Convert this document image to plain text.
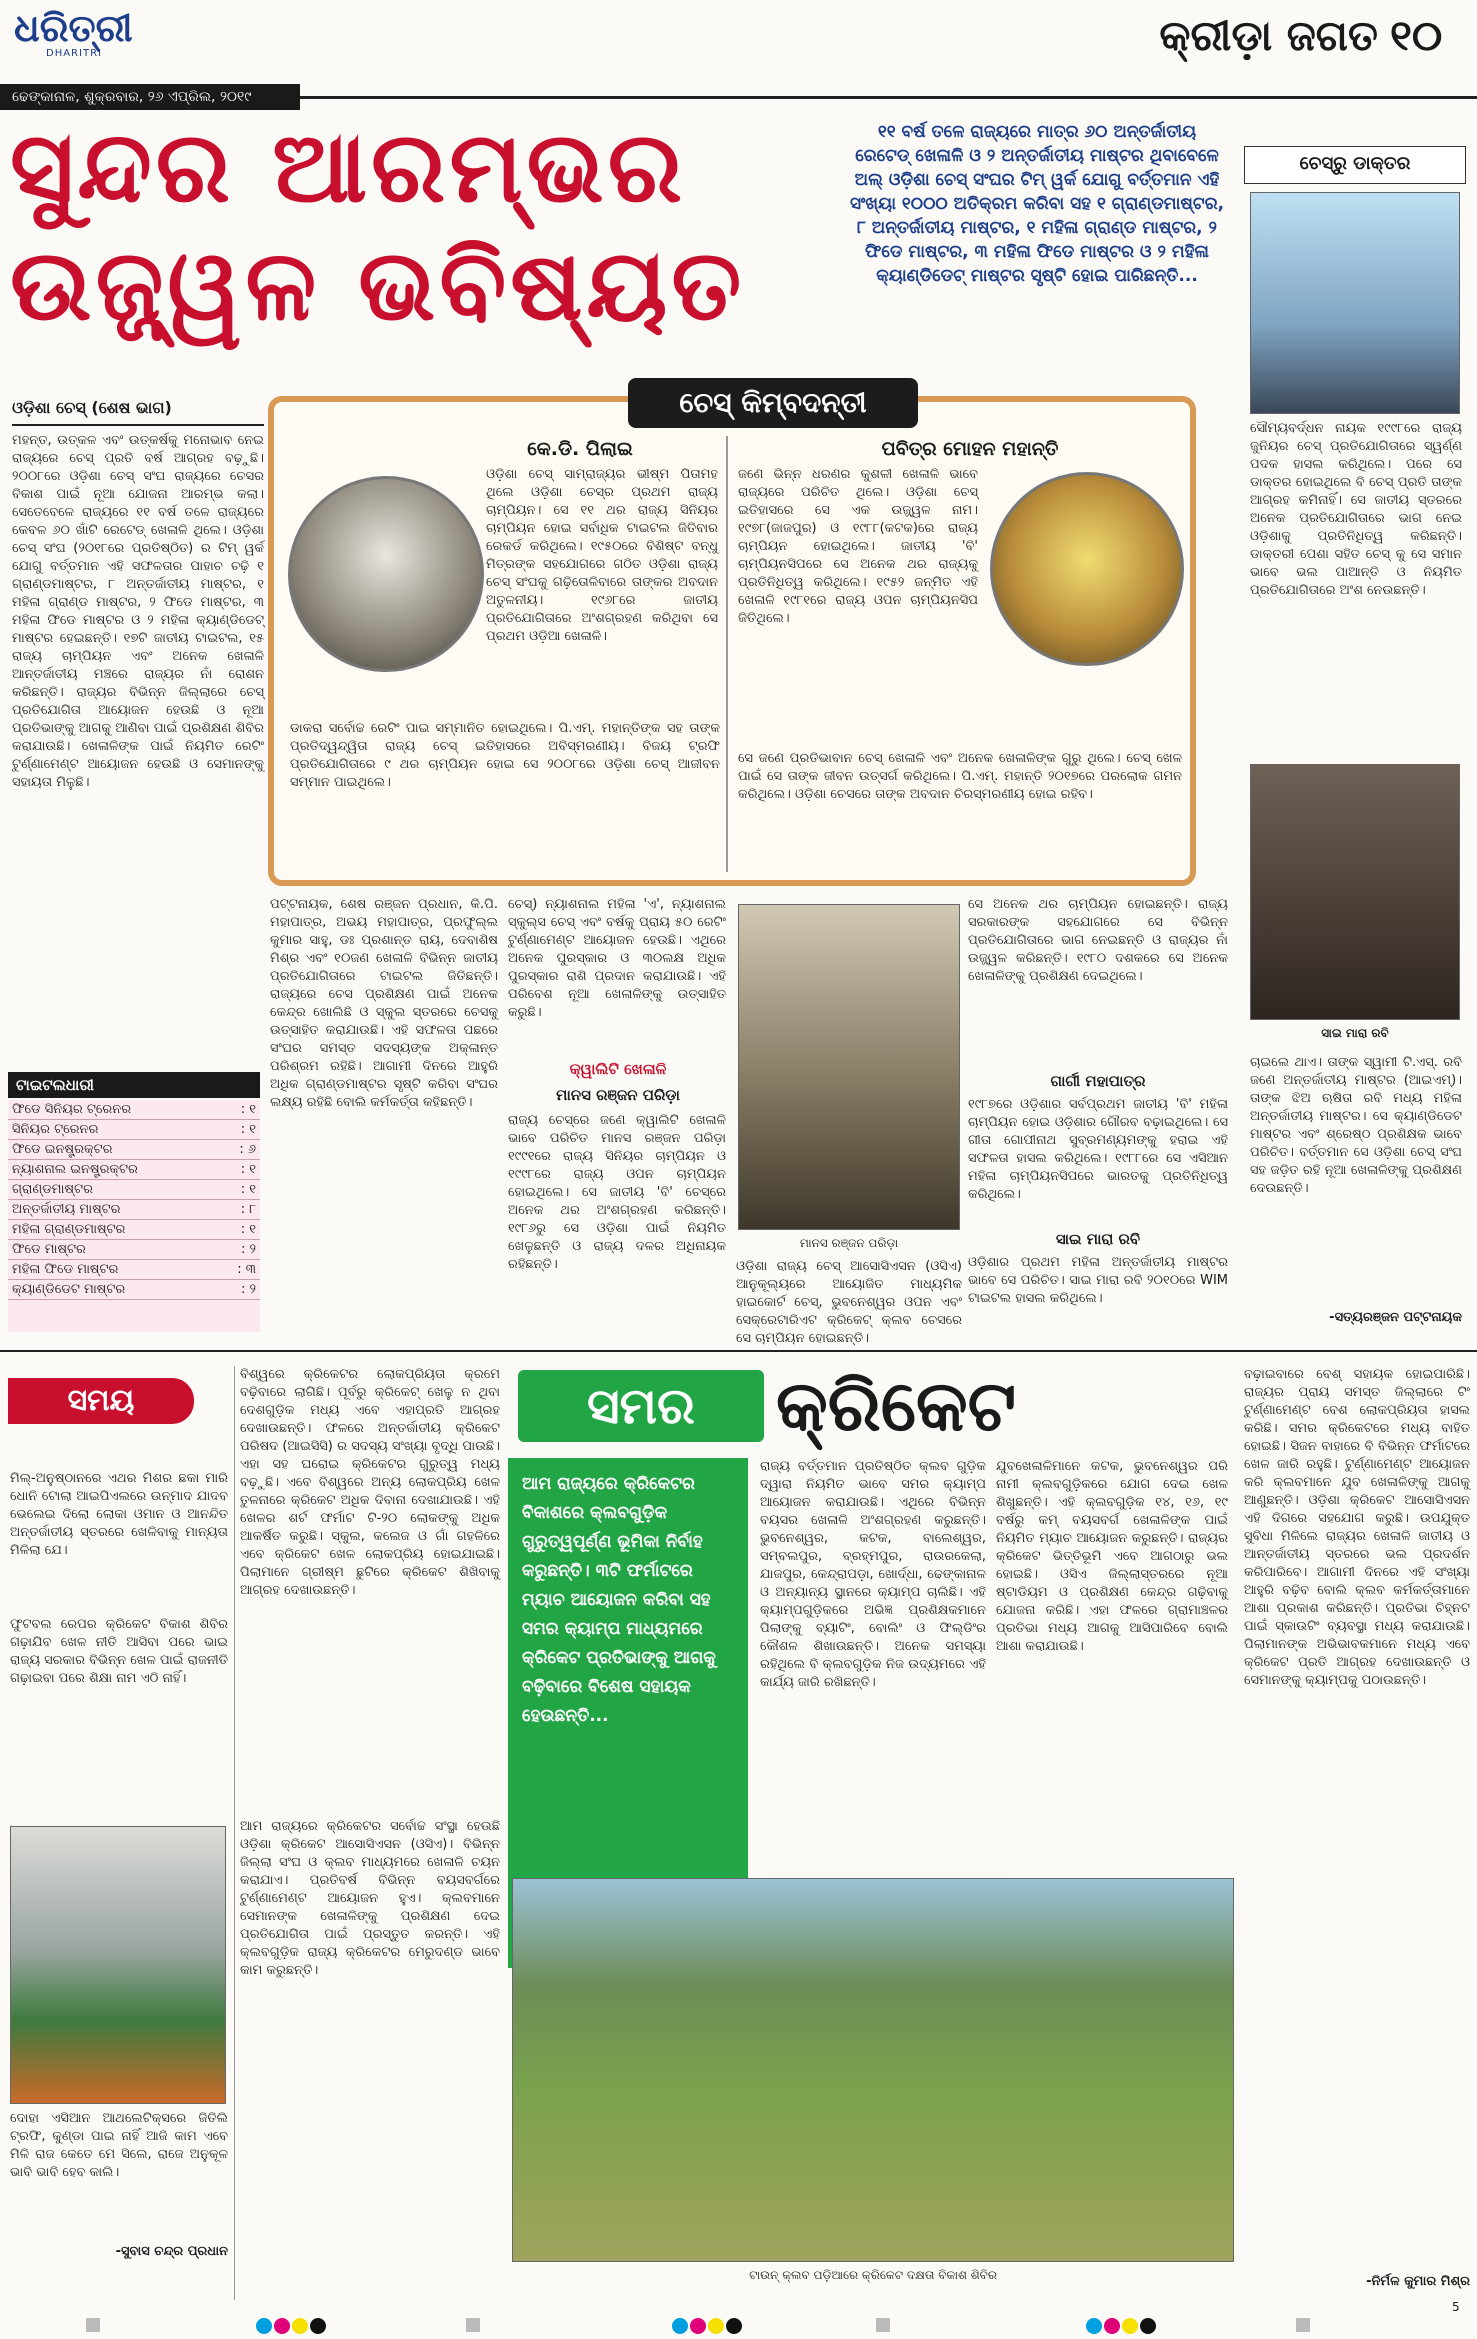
ଧରିତ୍ରୀ
DHARITRI	କ୍ରୀଡ଼ା ଜଗତ ୧୦
ଢେଙ୍କାନାଳ, ଶୁକ୍ରବାର, ୨୬ ଏପ୍ରିଲ, ୨୦୧୯
ସୁନ୍ଦର ଆରମ୍ଭର
ଉଜ୍ଜ୍ୱଳ ଭବିଷ୍ୟତ
୧୧ ବର୍ଷ ତଳେ ରାଜ୍ୟରେ ମାତ୍ର ୬୦ ଅନ୍ତର୍ଜାତୀୟ ରେଟେଡ୍ ଖେଳାଳି ଓ ୨ ଅନ୍ତର୍ଜାତୀୟ ମାଷ୍ଟର ଥିବାବେଳେ ଅଲ୍ ଓଡ଼ିଶା ଚେସ୍ ସଂଘର ଟିମ୍ ୱର୍କ ଯୋଗୁ ବର୍ତ୍ତମାନ ଏହି ସଂଖ୍ୟା ୧୦୦୦ ଅତିକ୍ରମ କରିବା ସହ ୧ ଗ୍ରାଣ୍ଡମାଷ୍ଟର, ୮ ଅନ୍ତର୍ଜାତୀୟ ମାଷ୍ଟର, ୧ ମହିଳା ଗ୍ରାଣ୍ଡ ମାଷ୍ଟର, ୨ ଫିଡେ ମାଷ୍ଟର, ୩ ମହିଳା ଫିଡେ ମାଷ୍ଟର ଓ ୨ ମହିଳା କ୍ୟାଣ୍ଡିଡେଟ୍ ମାଷ୍ଟର ସୃଷ୍ଟି ହୋଇ ପାରିଛନ୍ତି...
ଚେସ୍ରୁ ଡାକ୍ତର
ସୌମ୍ୟବର୍ଦ୍ଧନ ନାୟକ ୧୯୯୮ରେ ରାଜ୍ୟ ଜୁନିୟର ଚେସ୍ ପ୍ରତିଯୋଗିତାରେ ସ୍ୱର୍ଣ୍ଣ ପଦକ ହାସଲ କରିଥିଲେ। ପରେ ସେ ଡାକ୍ତର ହୋଇଥିଲେ ବି ଚେସ୍ ପ୍ରତି ତାଙ୍କ ଆଗ୍ରହ କମିନାହିଁ। ସେ ଜାତୀୟ ସ୍ତରରେ ଅନେକ ପ୍ରତିଯୋଗିତାରେ ଭାଗ ନେଇ ଓଡ଼ିଶାକୁ ପ୍ରତିନିଧିତ୍ୱ କରିଛନ୍ତି। ଡାକ୍ତରୀ ପେଶା ସହିତ ଚେସ୍ କୁ ସେ ସମାନ ଭାବେ ଭଲ ପାଆନ୍ତି ଓ ନିୟମିତ ପ୍ରତିଯୋଗିତାରେ ଅଂଶ ନେଉଛନ୍ତି।
ଓଡ଼ିଶା ଚେସ୍ (ଶେଷ ଭାଗ)
ମହନ୍ତ, ଉତ୍କଳ ଏବଂ ଉତ୍କର୍ଷକୁ ମନୋଭାବ ନେଇ ରାଜ୍ୟରେ ଚେସ୍ ପ୍ରତି ବର୍ଷ ଆଗ୍ରହ ବଢ଼ୁଛି। ୨୦୦୮ରେ ଓଡ଼ିଶା ଚେସ୍ ସଂଘ ରାଜ୍ୟରେ ଚେସର ବିକାଶ ପାଇଁ ନୂଆ ଯୋଜନା ଆରମ୍ଭ କଲା। ସେତେବେଳେ ରାଜ୍ୟରେ ୧୧ ବର୍ଷ ତଳେ ରାଜ୍ୟରେ କେବଳ ୬୦ ଖାଁଟି ରେଟେଡ୍ ଖେଳାଳି ଥିଲେ। ଓଡ଼ିଶା ଚେସ୍ ସଂଘ (୨୦୧୮ରେ ପ୍ରତିଷ୍ଠିତ) ର ଟିମ୍ ୱର୍କ ଯୋଗୁ ବର୍ତ୍ତମାନ ଏହି ସଫଳତାର ପାହାଚ ଚଢ଼ି ୧ ଗ୍ରାଣ୍ଡମାଷ୍ଟର, ୮ ଅନ୍ତର୍ଜାତୀୟ ମାଷ୍ଟର, ୧ ମହିଳା ଗ୍ରାଣ୍ଡ ମାଷ୍ଟର, ୨ ଫିଡେ ମାଷ୍ଟର, ୩ ମହିଳା ଫିଡେ ମାଷ୍ଟର ଓ ୨ ମହିଳା କ୍ୟାଣ୍ଡିଡେଟ୍ ମାଷ୍ଟର ହେଇଛନ୍ତି। ୧୭ଟି ଜାତୀୟ ଟାଇଟଲ, ୧୫ ରାଜ୍ୟ ଚାମ୍ପିୟନ ଏବଂ ଅନେକ ଖେଳାଳି ଆନ୍ତର୍ଜାତୀୟ ମଞ୍ଚରେ ରାଜ୍ୟର ନାଁ ରୋଶନ କରିଛନ୍ତି। ରାଜ୍ୟର ବିଭିନ୍ନ ଜିଲ୍ଲାରେ ଚେସ୍ ପ୍ରତିଯୋଗିତା ଆୟୋଜନ ହେଉଛି ଓ ନୂଆ ପ୍ରତିଭାଙ୍କୁ ଆଗକୁ ଆଣିବା ପାଇଁ ପ୍ରଶିକ୍ଷଣ ଶିବିର କରାଯାଉଛି। ଖେଳାଳିଙ୍କ ପାଇଁ ନିୟମିତ ରେଟିଂ ଟୁର୍ଣ୍ଣାମେଣ୍ଟ ଆୟୋଜନ ହେଉଛି ଓ ସେମାନଙ୍କୁ ସହାୟତା ମିଳୁଛି।
ଚେସ୍ କିମ୍ବଦନ୍ତୀ
କେ.ଡି. ପିଲାଇ
ଓଡ଼ିଶା ଚେସ୍ ସାମ୍ରାଜ୍ୟର ଭୀଷ୍ମ ପିତାମହ ଥିଲେ ଓଡ଼ିଶା ଚେସ୍ର ପ୍ରଥମ ରାଜ୍ୟ ଚାମ୍ପିୟନ। ସେ ୧୧ ଥର ରାଜ୍ୟ ସିନିୟର ଚାମ୍ପିୟନ ହୋଇ ସର୍ବାଧିକ ଟାଇଟଲ ଜିତିବାର ରେକର୍ଡ କରିଥିଲେ। ୧୯୫୦ରେ ବିଶିଷ୍ଟ ବନ୍ଧୁ ମିତ୍ରଙ୍କ ସହଯୋଗରେ ଗଠିତ ଓଡ଼ିଶା ରାଜ୍ୟ ଚେସ୍ ସଂଘକୁ ଗଢ଼ିତୋଳିବାରେ ତାଙ୍କର ଅବଦାନ ଅତୁଳନୀୟ। ୧୯୬୮ରେ ଜାତୀୟ ପ୍ରତିଯୋଗିତାରେ ଅଂଶଗ୍ରହଣ କରିଥିବା ସେ ପ୍ରଥମ ଓଡ଼ିଆ ଖେଳାଳି।
ଡାକରା ସର୍ବୋଚ୍ଚ ରେଟିଂ ପାଇ ସମ୍ମାନିତ ହୋଇଥିଲେ। ପି.ଏମ୍. ମହାନ୍ତିଙ୍କ ସହ ତାଙ୍କ ପ୍ରତିଦ୍ୱନ୍ଦ୍ୱିତା ରାଜ୍ୟ ଚେସ୍ ଇତିହାସରେ ଅବିସ୍ମରଣୀୟ। ବିଜୟ ଟ୍ରଫି ପ୍ରତିଯୋଗିତାରେ ୯ ଥର ଚାମ୍ପିୟନ ହୋଇ ସେ ୨୦୦୮ରେ ଓଡ଼ିଶା ଚେସ୍ ଆଜୀବନ ସମ୍ମାନ ପାଇଥିଲେ।
ପବିତ୍ର ମୋହନ ମହାନ୍ତି
ଜଣେ ଭିନ୍ନ ଧରଣର କୁଶଳୀ ଖେଳାଳି ଭାବେ ରାଜ୍ୟରେ ପରିଚିତ ଥିଲେ। ଓଡ଼ିଶା ଚେସ୍ ଇତିହାସରେ ସେ ଏକ ଉଜ୍ଜ୍ୱଳ ନାମ। ୧୯୭୮(ଜାଜପୁର) ଓ ୧୯୮୮(କଟକ)ରେ ରାଜ୍ୟ ଚାମ୍ପିୟନ ହୋଇଥିଲେ। ଜାତୀୟ 'ବି' ଚାମ୍ପିୟନସିପରେ ସେ ଅନେକ ଥର ରାଜ୍ୟକୁ ପ୍ରତିନିଧିତ୍ୱ କରିଥିଲେ। ୧୯୫୨ ଜନ୍ମିତ ଏହି ଖେଳାଳି ୧୯୮୧ରେ ରାଜ୍ୟ ଓପନ ଚାମ୍ପିୟନସିପ ଜିତିଥିଲେ।
ସେ ଜଣେ ପ୍ରତିଭାବାନ ଚେସ୍ ଖେଳାଳି ଏବଂ ଅନେକ ଖେଳାଳିଙ୍କ ଗୁରୁ ଥିଲେ। ଚେସ୍ ଖେଳ ପାଇଁ ସେ ତାଙ୍କ ଜୀବନ ଉତ୍ସର୍ଗ କରିଥିଲେ। ପି.ଏମ୍. ମହାନ୍ତି ୨୦୧୭ରେ ପରଲୋକ ଗମନ କରିଥିଲେ। ଓଡ଼ିଶା ଚେସରେ ତାଙ୍କ ଅବଦାନ ଚିରସ୍ମରଣୀୟ ହୋଇ ରହିବ।
ସାଇ ମାରା ରବି
ଚାଇଲେ ଥାଏ। ତାଙ୍କ ସ୍ୱାମୀ ଟି.ଏସ୍. ରବି ଜଣେ ଅନ୍ତର୍ଜାତୀୟ ମାଷ୍ଟର (ଆଇଏମ୍)। ତାଙ୍କ ଝିଅ ଋଷିତା ରବି ମଧ୍ୟ ମହିଳା ଅନ୍ତର୍ଜାତୀୟ ମାଷ୍ଟର। ସେ କ୍ୟାଣ୍ଡିଡେଟ ମାଷ୍ଟର ଏବଂ ଶ୍ରେଷ୍ଠ ପ୍ରଶିକ୍ଷକ ଭାବେ ପରିଚିତ। ବର୍ତ୍ତମାନ ସେ ଓଡ଼ିଶା ଚେସ୍ ସଂଘ ସହ ଜଡ଼ିତ ରହି ନୂଆ ଖେଳାଳିଙ୍କୁ ପ୍ରଶିକ୍ଷଣ ଦେଉଛନ୍ତି।
-ସତ୍ୟରଞ୍ଜନ ପଟ୍ଟନାୟକ
ପଟ୍ଟନାୟକ, ଶେଷ ରଞ୍ଜନ ପ୍ରଧାନ, କି.ପି. ମହାପାତ୍ର, ଅଭୟ ମହାପାତ୍ର, ପ୍ରଫୁଲ୍ଲ କୁମାର ସାହୁ, ଡଃ ପ୍ରଶାନ୍ତ ରାୟ, ଦେବାଶିଷ ମିଶ୍ର ଏବଂ ୧୦ଜଣ ଖେଳାଳି ବିଭିନ୍ନ ଜାତୀୟ ପ୍ରତିଯୋଗିତାରେ ଟାଇଟଲ ଜିତିଛନ୍ତି। ରାଜ୍ୟରେ ଚେସ ପ୍ରଶିକ୍ଷଣ ପାଇଁ ଅନେକ କେନ୍ଦ୍ର ଖୋଲିଛି ଓ ସ୍କୁଲ ସ୍ତରରେ ଚେସକୁ ଉତ୍ସାହିତ କରାଯାଉଛି। ଏହି ସଫଳତା ପଛରେ ସଂଘର ସମସ୍ତ ସଦସ୍ୟଙ୍କ ଅକ୍ଳାନ୍ତ ପରିଶ୍ରମ ରହିଛି। ଆଗାମୀ ଦିନରେ ଆହୁରି ଅଧିକ ଗ୍ରାଣ୍ଡମାଷ୍ଟର ସୃଷ୍ଟି କରିବା ସଂଘର ଲକ୍ଷ୍ୟ ରହିଛି ବୋଲି କର୍ମକର୍ତ୍ତା କହିଛନ୍ତି।
ଚେସ୍) ନ୍ୟାଶନାଲ ମହିଳା 'ଏ', ନ୍ୟାଶନାଲ ସ୍କୁଲ୍ସ ଚେସ୍ ଏବଂ ବର୍ଷକୁ ପ୍ରାୟ ୫୦ ରେଟିଂ ଟୁର୍ଣ୍ଣାମେଣ୍ଟ ଆୟୋଜନ ହେଉଛି। ଏଥିରେ ଅନେକ ପୁରସ୍କାର ଓ ୩୦ଲକ୍ଷ ଅଧିକ ପୁରସ୍କାର ରାଶି ପ୍ରଦାନ କରାଯାଉଛି। ଏହି ପରିବେଶ ନୂଆ ଖେଳାଳିଙ୍କୁ ଉତ୍ସାହିତ କରୁଛି।
କ୍ୱାଲିଟି ଖେଳାଳି
ମାନସ ରଞ୍ଜନ ପରିଡ଼ା
ରାଜ୍ୟ ଚେସ୍ରେ ଜଣେ କ୍ୱାଲିଟି ଖେଳାଳି ଭାବେ ପରିଚିତ ମାନସ ରଞ୍ଜନ ପରିଡ଼ା ୧୯୯୧ରେ ରାଜ୍ୟ ସିନିୟର ଚାମ୍ପିୟନ ଓ ୧୯୯୮ରେ ରାଜ୍ୟ ଓପନ ଚାମ୍ପିୟନ ହୋଇଥିଲେ। ସେ ଜାତୀୟ 'ବି' ଚେସ୍ରେ ଅନେକ ଥର ଅଂଶଗ୍ରହଣ କରିଛନ୍ତି। ୧୯୮୬ରୁ ସେ ଓଡ଼ିଶା ପାଇଁ ନିୟମିତ ଖେଳୁଛନ୍ତି ଓ ରାଜ୍ୟ ଦଳର ଅଧିନାୟକ ରହିଛନ୍ତି।
ମାନସ ରଞ୍ଜନ ପରିଡ଼ା
ଓଡ଼ିଶା ରାଜ୍ୟ ଚେସ୍ ଆସୋସିଏସନ (ଓସିଏ) ଆନୁକୂଲ୍ୟରେ ଆୟୋଜିତ ମାଧ୍ୟମିକ ହାଇକୋର୍ଟ ଚେସ୍, ଭୁବନେଶ୍ୱର ଓପନ ଏବଂ ସେକ୍ରେଟାରିଏଟ କ୍ରିକେଟ୍ କ୍ଲବ ଚେସରେ ସେ ଚାମ୍ପିୟନ ହୋଇଛନ୍ତି।
ସେ ଅନେକ ଥର ଚାମ୍ପିୟନ ହୋଇଛନ୍ତି। ରାଜ୍ୟ ସରକାରଙ୍କ ସହଯୋଗରେ ସେ ବିଭିନ୍ନ ପ୍ରତିଯୋଗିତାରେ ଭାଗ ନେଇଛନ୍ତି ଓ ରାଜ୍ୟର ନାଁ ଉଜ୍ଜ୍ୱଳ କରିଛନ୍ତି। ୧୯୮୦ ଦଶକରେ ସେ ଅନେକ ଖେଳାଳିଙ୍କୁ ପ୍ରଶିକ୍ଷଣ ଦେଇଥିଲେ।
ଗାର୍ଗୀ ମହାପାତ୍ର
୧୯୮୭ରେ ଓଡ଼ିଶାର ସର୍ବପ୍ରଥମ ଜାତୀୟ 'ବି' ମହିଳା ଚାମ୍ପିୟନ ହୋଇ ଓଡ଼ିଶାର ଗୌରବ ବଢ଼ାଇଥିଲେ। ସେ ଗୀତା ଗୋପୀନାଥ ସୁବ୍ରମଣ୍ୟମଙ୍କୁ ହରାଇ ଏହି ସଫଳତା ହାସଲ କରିଥିଲେ। ୧୯୮୮ରେ ସେ ଏସିଆନ ମହିଳା ଚାମ୍ପିୟନସିପରେ ଭାରତକୁ ପ୍ରତିନିଧିତ୍ୱ କରିଥିଲେ।
ସାଇ ମାରା ରବି
ଓଡ଼ିଶାର ପ୍ରଥମ ମହିଳା ଅନ୍ତର୍ଜାତୀୟ ମାଷ୍ଟର ଭାବେ ସେ ପରିଚିତ। ସାଇ ମାରା ରବି ୨୦୧୦ରେ WIM ଟାଇଟଲ ହାସଲ କରିଥିଲେ।
ଟାଇଟଲଧାରୀ
ଫିଡେ ସିନିୟର ଟ୍ରେନର	: ୧
ସିନିୟର ଟ୍ରେନର	: ୧
ଫିଡେ ଇନଷ୍ଟ୍ରକ୍ଟର	: ୬
ନ୍ୟାଶନାଲ ଇନଷ୍ଟ୍ରକ୍ଟର	: ୧
ଗ୍ରାଣ୍ଡମାଷ୍ଟର	: ୧
ଅନ୍ତର୍ଜାତୀୟ ମାଷ୍ଟର	: ୮
ମହିଳା ଗ୍ରାଣ୍ଡମାଷ୍ଟର	: ୧
ଫିଡେ ମାଷ୍ଟର	: ୨
ମହିଳା ଫିଡେ ମାଷ୍ଟର	: ୩
କ୍ୟାଣ୍ଡିଡେଟ ମାଷ୍ଟର	: ୨
ସମୟ
ମିଲ୍-ଅନୁଷ୍ଠାନରେ ଏଥର ମିଶର ଛକା ମାରି ଧୋନି ଟୋଲା ଆଇପିଏଲରେ ଉନ୍ମାଦ ଯାଦବ ଭେଲେଇ ଦିଲୋ ଲୋକା ଓମାନ ଓ ଆନନ୍ଦିତ ଅନ୍ତର୍ଜାତୀୟ ସ୍ତରରେ ଖେଳିବାକୁ ମାନ୍ୟତା ମିଳିଲା ଯେ।
ଫୁଟବଲ ରେପର କ୍ରିକେଟ ବିକାଶ ଶିବିର ଗଢ଼ାଯିବ ଖେଳ ନୀତି ଆସିବା ପରେ ଭାଇ ରାଜ୍ୟ ସରକାର ବିଭିନ୍ନ ଖେଳ ପାଇଁ ରାଜନୀତି ଗଢ଼ାଇବା ପରେ ଶିକ୍ଷା ନାମ ଏଠି ନାହିଁ।
ଦୋହା ଏସିଆନ ଆଥଲେଟିକ୍ସରେ ଜିତିଲି ଟ୍ରଫି, କୁଣ୍ଡା ପାଇ ନାହିଁ ଆଜି କାମ ଏବେ ମିଳି ରାଜ କେତେ ମେ ସିଲେ, ରାଜେ ଅନୁକୂଳ ଭାବି ଭାବି ହେବ କାଲି।
-ସୁବାସ ଚନ୍ଦ୍ର ପ୍ରଧାନ
ବିଶ୍ୱରେ କ୍ରିକେଟର ଲୋକପ୍ରିୟତା କ୍ରମେ ବଢ଼ିବାରେ ଲାଗିଛି। ପୂର୍ବରୁ କ୍ରିକେଟ୍ ଖେଳୁ ନ ଥିବା ଦେଶଗୁଡ଼ିକ ମଧ୍ୟ ଏବେ ଏହାପ୍ରତି ଆଗ୍ରହ ଦେଖାଉଛନ୍ତି। ଫଳରେ ଅନ୍ତର୍ଜାତୀୟ କ୍ରିକେଟ ପରିଷଦ (ଆଇସିସି) ର ସଦସ୍ୟ ସଂଖ୍ୟା ବୃଦ୍ଧି ପାଉଛି। ଏହା ସହ ଘରୋଇ କ୍ରିକେଟର ଗୁରୁତ୍ୱ ମଧ୍ୟ ବଢ଼ୁଛି। ଏବେ ବିଶ୍ୱରେ ଅନ୍ୟ ଲୋକପ୍ରିୟ ଖେଳ ତୁଳନାରେ କ୍ରିକେଟ ଅଧିକ ଦିବାନା ଦେଖାଯାଉଛି। ଏହି ଖେଳର ଶର୍ଟ ଫର୍ମାଟ ଟି-୨୦ ଲୋକଙ୍କୁ ଅଧିକ ଆକର୍ଷିତ କରୁଛି। ସ୍କୁଲ, କଲେଜ ଓ ଗାଁ ଗହଳିରେ ଏବେ କ୍ରିକେଟ ଖେଳ ଲୋକପ୍ରିୟ ହୋଇଯାଇଛି। ପିଲାମାନେ ଗ୍ରୀଷ୍ମ ଛୁଟିରେ କ୍ରିକେଟ ଶିଖିବାକୁ ଆଗ୍ରହ ଦେଖାଉଛନ୍ତି।
ଆମ ରାଜ୍ୟରେ କ୍ରିକେଟର ସର୍ବୋଚ୍ଚ ସଂସ୍ଥା ହେଉଛି ଓଡ଼ିଶା କ୍ରିକେଟ ଆସୋସିଏସନ (ଓସିଏ)। ବିଭିନ୍ନ ଜିଲ୍ଲା ସଂଘ ଓ କ୍ଲବ ମାଧ୍ୟମରେ ଖେଳାଳି ଚୟନ କରାଯାଏ। ପ୍ରତିବର୍ଷ ବିଭିନ୍ନ ବୟସବର୍ଗରେ ଟୁର୍ଣ୍ଣାମେଣ୍ଟ ଆୟୋଜନ ହୁଏ। କ୍ଲବମାନେ ସେମାନଙ୍କ ଖେଳାଳିଙ୍କୁ ପ୍ରଶିକ୍ଷଣ ଦେଇ ପ୍ରତିଯୋଗିତା ପାଇଁ ପ୍ରସ୍ତୁତ କରନ୍ତି। ଏହି କ୍ଲବଗୁଡ଼ିକ ରାଜ୍ୟ କ୍ରିକେଟର ମେରୁଦଣ୍ଡ ଭାବେ କାମ କରୁଛନ୍ତି।
ସମର	କ୍ରିକେଟ
ଆମ ରାଜ୍ୟରେ କ୍ରିକେଟର ବିକାଶରେ କ୍ଲବଗୁଡ଼ିକ ଗୁରୁତ୍ୱପୂର୍ଣ୍ଣ ଭୂମିକା ନିର୍ବାହ କରୁଛନ୍ତି। ୩ଟି ଫର୍ମାଟରେ ମ୍ୟାଚ ଆୟୋଜନ କରିବା ସହ ସମର କ୍ୟାମ୍ପ ମାଧ୍ୟମରେ କ୍ରିକେଟ ପ୍ରତିଭାଙ୍କୁ ଆଗକୁ ବଢ଼ିବାରେ ବିଶେଷ ସହାୟକ ହେଉଛନ୍ତି...
ରାଜ୍ୟ ବର୍ତ୍ତମାନ ପ୍ରତିଷ୍ଠିତ କ୍ଲବ ଗୁଡ଼ିକ ଦ୍ୱାରା ନିୟମିତ ଭାବେ ସମର କ୍ୟାମ୍ପ ଆୟୋଜନ କରାଯାଉଛି। ଏଥିରେ ବିଭିନ୍ନ ବୟସର ଖେଳାଳି ଅଂଶଗ୍ରହଣ କରୁଛନ୍ତି। ଭୁବନେଶ୍ୱର, କଟକ, ବାଲେଶ୍ୱର, ସମ୍ବଲପୁର, ବ୍ରହ୍ମପୁର, ରାଉରକେଲା, ଯାଜପୁର, କେନ୍ଦ୍ରାପଡ଼ା, ଖୋର୍ଦ୍ଧା, ଢେଙ୍କାନାଳ ଓ ଅନ୍ୟାନ୍ୟ ସ୍ଥାନରେ କ୍ୟାମ୍ପ ଚାଲିଛି। ଏହି କ୍ୟାମ୍ପଗୁଡ଼ିକରେ ଅଭିଜ୍ଞ ପ୍ରଶିକ୍ଷକମାନେ ପିଲାଙ୍କୁ ବ୍ୟାଟିଂ, ବୋଲିଂ ଓ ଫିଲ୍ଡିଂର କୌଶଳ ଶିଖାଉଛନ୍ତି। ଅନେକ ସମସ୍ୟା ରହିଥିଲେ ବି କ୍ଲବଗୁଡ଼ିକ ନିଜ ଉଦ୍ୟମରେ ଏହି କାର୍ଯ୍ୟ ଜାରି ରଖିଛନ୍ତି।
ଯୁବଖେଳାଳିମାନେ କଟକ, ଭୁବନେଶ୍ୱର ପରି ନାମୀ କ୍ଲବଗୁଡ଼ିକରେ ଯୋଗ ଦେଇ ଖେଳ ଶିଖୁଛନ୍ତି। ଏହି କ୍ଲବଗୁଡ଼ିକ ୧୪, ୧୬, ୧୯ ବର୍ଷରୁ କମ୍ ବୟସବର୍ଗ ଖେଳାଳିଙ୍କ ପାଇଁ ନିୟମିତ ମ୍ୟାଚ ଆୟୋଜନ କରୁଛନ୍ତି। ରାଜ୍ୟର କ୍ରିକେଟ ଭିତ୍ତିଭୂମି ଏବେ ଆଗଠାରୁ ଭଲ ହୋଇଛି। ଓସିଏ ଜିଲ୍ଲାସ୍ତରରେ ନୂଆ ଷ୍ଟାଡିୟମ ଓ ପ୍ରଶିକ୍ଷଣ କେନ୍ଦ୍ର ଗଢ଼ିବାକୁ ଯୋଜନା କରିଛି। ଏହା ଫଳରେ ଗ୍ରାମାଞ୍ଚଳର ପ୍ରତିଭା ମଧ୍ୟ ଆଗକୁ ଆସିପାରିବେ ବୋଲି ଆଶା କରାଯାଉଛି।
ଟାଉନ୍ କ୍ଲବ ପଡ଼ିଆରେ କ୍ରିକେଟ ଦକ୍ଷତା ବିକାଶ ଶିବିର
ବଢ଼ାଇବାରେ ବେଶ୍ ସହାୟକ ହୋଇପାରିଛି। ରାଜ୍ୟର ପ୍ରାୟ ସମସ୍ତ ଜିଲ୍ଲାରେ ଟିଂ ଟୁର୍ଣ୍ଣାମେଣ୍ଟ ବେଶ ଲୋକପ୍ରିୟତା ହାସଲ କରିଛି। ସମର କ୍ରିକେଟରେ ମଧ୍ୟ ବାହିତ ହୋଇଛି। ସିଜନ ବାହାରେ ବି ବିଭିନ୍ନ ଫର୍ମାଟରେ ଖେଳ ଜାରି ରହୁଛି। ଟୁର୍ଣ୍ଣାମେଣ୍ଟ ଆୟୋଜନ କରି କ୍ଲବମାନେ ଯୁବ ଖେଳାଳିଙ୍କୁ ଆଗକୁ ଆଣୁଛନ୍ତି। ଓଡ଼ିଶା କ୍ରିକେଟ ଆସୋସିଏସନ ଏହି ଦିଗରେ ସହଯୋଗ କରୁଛି। ଉପଯୁକ୍ତ ସୁବିଧା ମିଳିଲେ ରାଜ୍ୟର ଖେଳାଳି ଜାତୀୟ ଓ ଆନ୍ତର୍ଜାତୀୟ ସ୍ତରରେ ଭଲ ପ୍ରଦର୍ଶନ କରିପାରିବେ। ଆଗାମୀ ଦିନରେ ଏହି ସଂଖ୍ୟା ଆହୁରି ବଢ଼ିବ ବୋଲି କ୍ଲବ କର୍ମକର୍ତ୍ତାମାନେ ଆଶା ପ୍ରକାଶ କରିଛନ୍ତି। ପ୍ରତିଭା ଚିହ୍ନଟ ପାଇଁ ସ୍କାଉଟିଂ ବ୍ୟବସ୍ଥା ମଧ୍ୟ କରାଯାଉଛି। ପିଲାମାନଙ୍କ ଅଭିଭାବକମାନେ ମଧ୍ୟ ଏବେ କ୍ରିକେଟ ପ୍ରତି ଆଗ୍ରହ ଦେଖାଉଛନ୍ତି ଓ ସେମାନଙ୍କୁ କ୍ୟାମ୍ପକୁ ପଠାଉଛନ୍ତି।
-ନିର୍ମଳ କୁମାର ମିଶ୍ର
5
